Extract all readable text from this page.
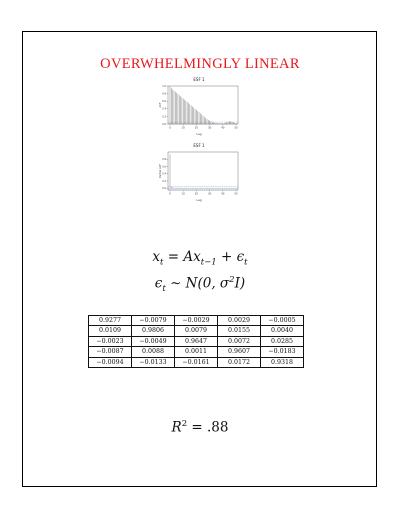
OVERWHELMINGLY LINEAR
ESF 1
0	10	20	30	40	50
0.0
0.2
0.4
0.6
0.8
1.0
ACF
Lag
ESF 1
0	10	20	30	40	50
0.0
0.2
0.4
0.6
0.8
Partial ACF
Lag
$x_t = Ax_{t-1} + \epsilon_t$
$\epsilon_t$ ∼ N(0, $\sigma^2I$)
0.9277	−0.0079	−0.0029	0.0029	−0.0005
0.0109	0.9806	0.0079	0.0155	0.0040
−0.0023	−0.0049	0.9647	0.0072	0.0285
−0.0087	0.0088	0.0011	0.9607	−0.0183
−0.0094	−0.0133	−0.0161	0.0172	0.9318
$R^2 = .88$
